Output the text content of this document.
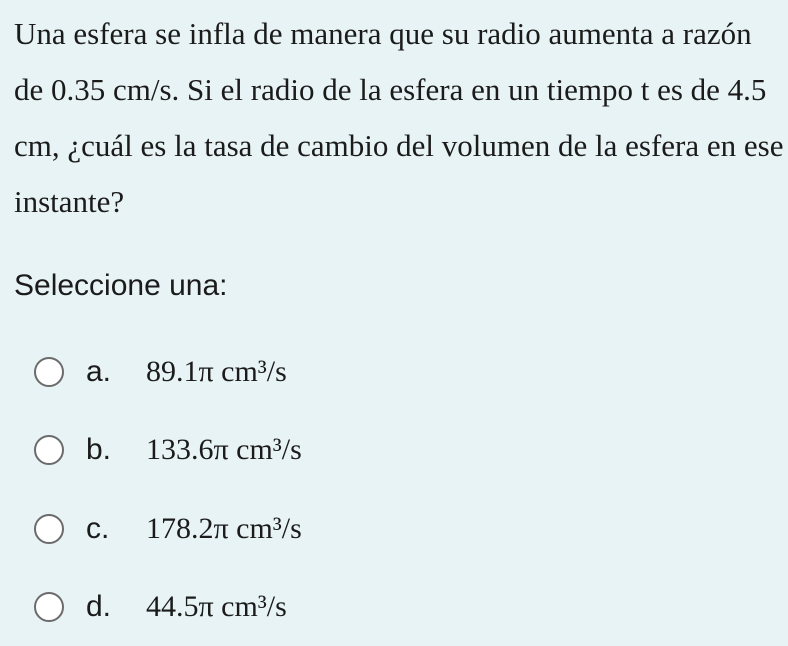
Una esfera se infla de manera que su radio aumenta a razón de 0.35 cm/s. Si el radio de la esfera en un tiempo t es de 4.5 cm, ¿cuál es la tasa de cambio del volumen de la esfera en ese instante?

Seleccione una:

a.	89.1π cm³/s
b.	133.6π cm³/s
c.	178.2π cm³/s
d.	44.5π cm³/s
